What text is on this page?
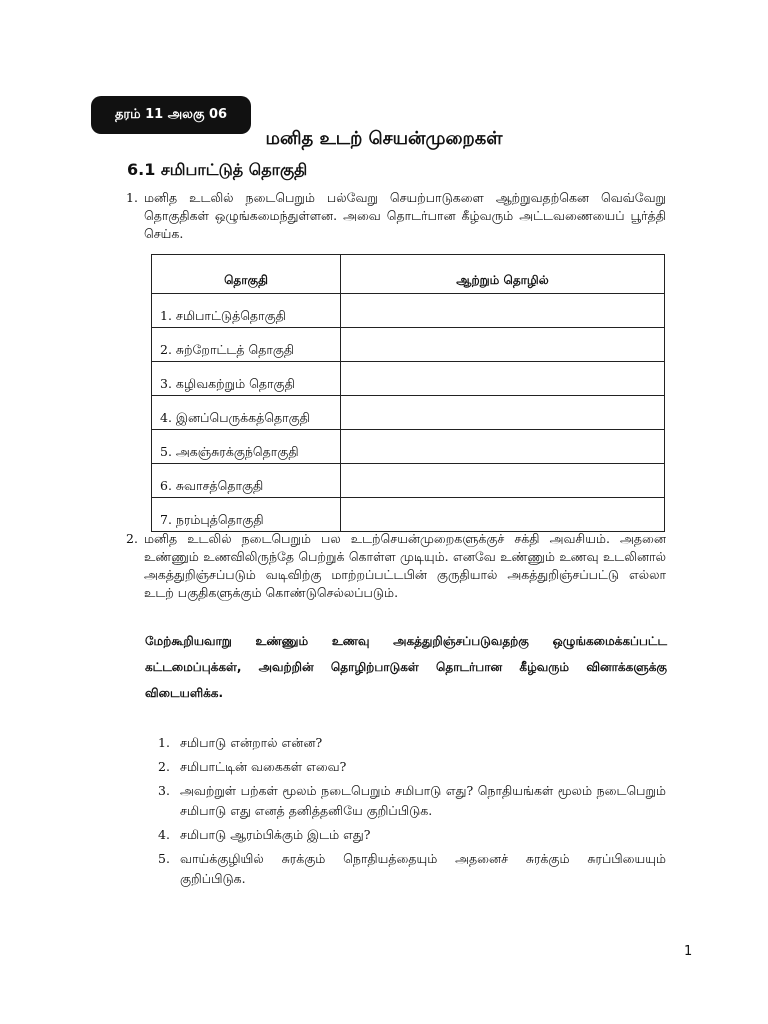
தரம் 11 அலகு 06
மனித உடற் செயன்முறைகள்
6.1 சமிபாட்டுத் தொகுதி
1. மனித உடலில் நடைபெறும் பல்வேறு செயற்பாடுகளை ஆற்றுவதற்கென வெவ்வேறு தொகுதிகள் ஒழுங்கமைந்துள்ளன. அவை தொடர்பான கீழ்வரும் அட்டவணையைப் பூர்த்தி செய்க.
தொகுதி	ஆற்றும் தொழில்
1. சமிபாட்டுத்தொகுதி	
2. சுற்றோட்டத் தொகுதி	
3. கழிவகற்றும் தொகுதி	
4. இனப்பெருக்கத்தொகுதி	
5. அகஞ்சுரக்குந்தொகுதி	
6. சுவாசத்தொகுதி	
7. நரம்புத்தொகுதி	
2. மனித உடலில் நடைபெறும் பல உடற்செயன்முறைகளுக்குச் சக்தி அவசியம். அதனை உண்ணும் உணவிலிருந்தே பெற்றுக் கொள்ள முடியும். எனவே உண்ணும் உணவு உடலினால் அகத்துறிஞ்சப்படும் வடிவிற்கு மாற்றப்பட்டபின் குருதியால் அகத்துறிஞ்சப்பட்டு எல்லா உடற் பகுதிகளுக்கும் கொண்டுசெல்லப்படும்.
மேற்கூறியவாறு உண்ணும் உணவு அகத்துறிஞ்சப்படுவதற்கு ஒழுங்கமைக்கப்பட்ட கட்டமைப்புக்கள், அவற்றின் தொழிற்பாடுகள் தொடர்பான கீழ்வரும் வினாக்களுக்கு விடையளிக்க.
1. சமிபாடு என்றால் என்ன?
2. சமிபாட்டின் வகைகள் எவை?
3. அவற்றுள் பற்கள் மூலம் நடைபெறும் சமிபாடு எது? நொதியங்கள் மூலம் நடைபெறும் சமிபாடு எது எனத் தனித்தனியே குறிப்பிடுக.
4. சமிபாடு ஆரம்பிக்கும் இடம் எது?
5. வாய்க்குழியில் சுரக்கும் நொதியத்தையும் அதனைச் சுரக்கும் சுரப்பியையும் குறிப்பிடுக.
1
